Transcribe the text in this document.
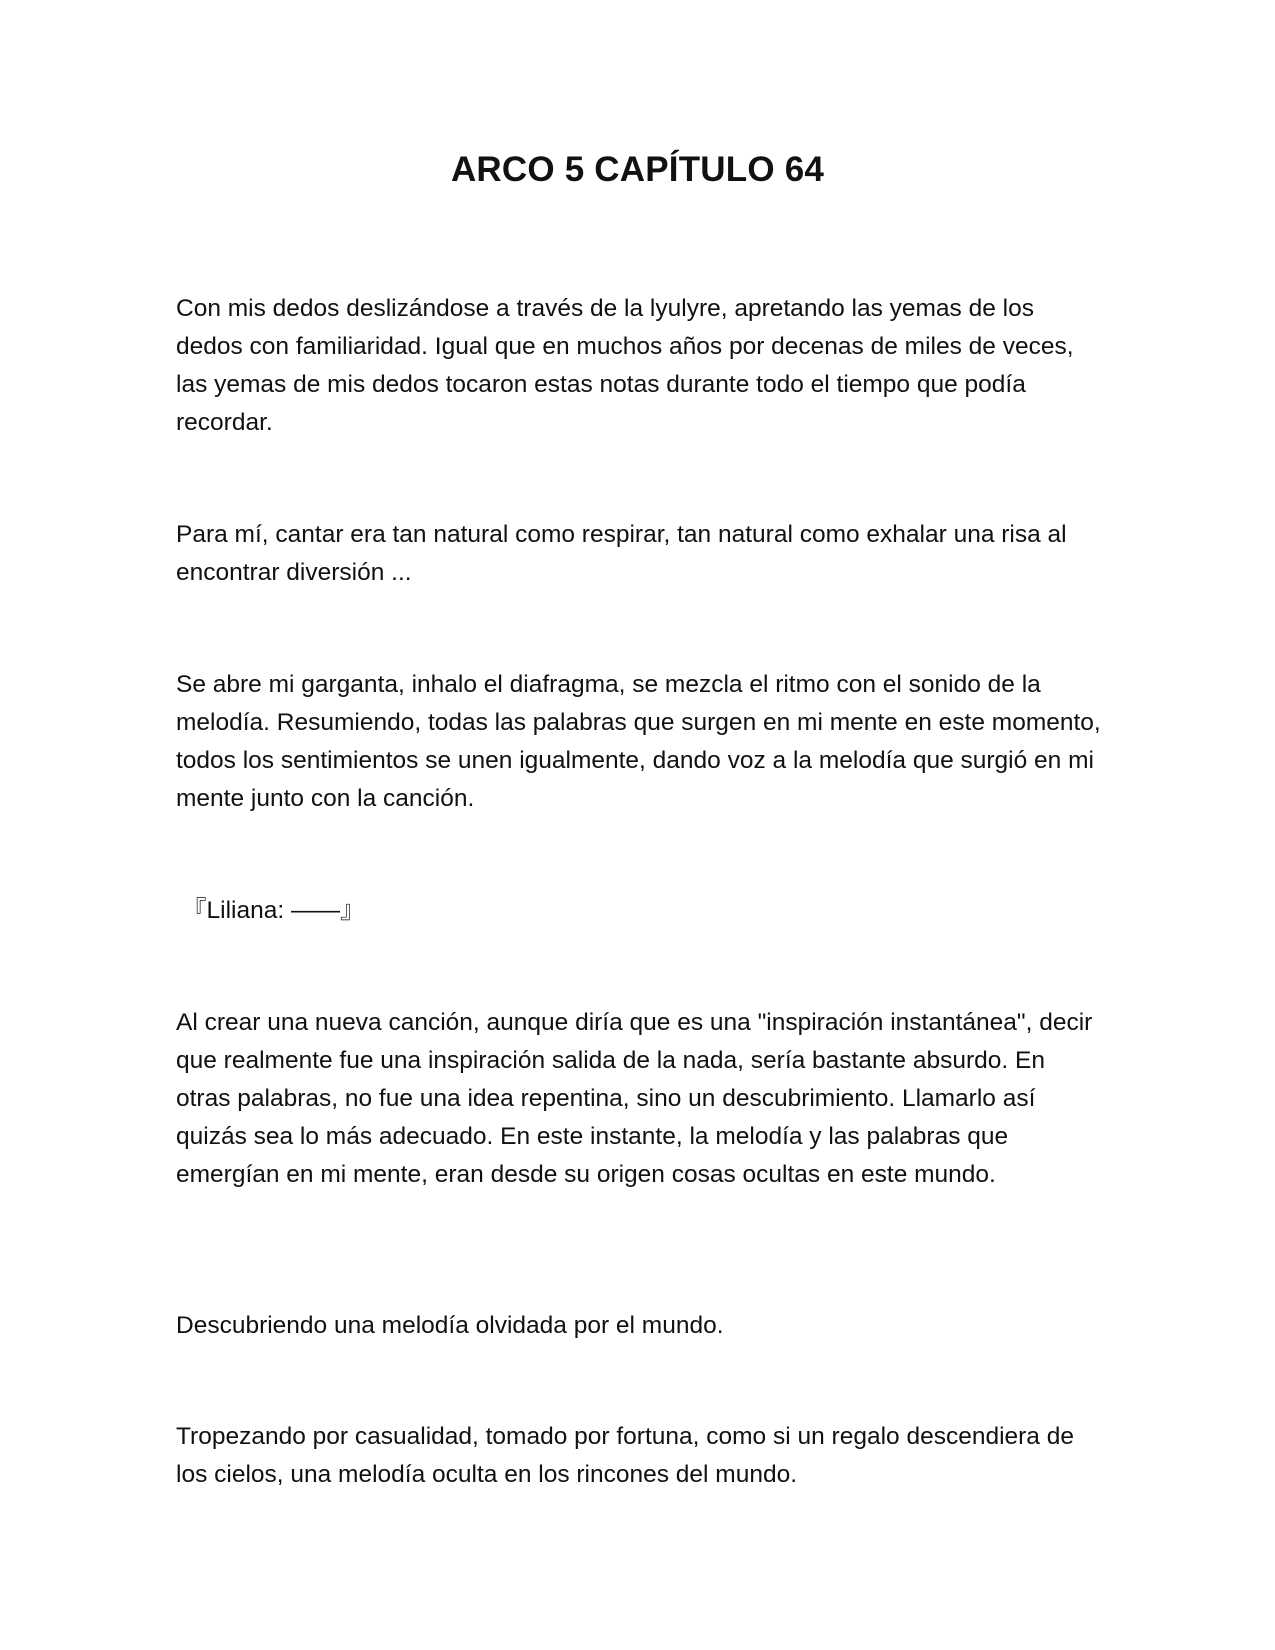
ARCO 5 CAPÍTULO 64

Con mis dedos deslizándose a través de la lyulyre, apretando las yemas de los dedos con familiaridad. Igual que en muchos años por decenas de miles de veces, las yemas de mis dedos tocaron estas notas durante todo el tiempo que podía recordar.

Para mí, cantar era tan natural como respirar, tan natural como exhalar una risa al encontrar diversión ...

Se abre mi garganta, inhalo el diafragma, se mezcla el ritmo con el sonido de la melodía. Resumiendo, todas las palabras que surgen en mi mente en este momento, todos los sentimientos se unen igualmente, dando voz a la melodía que surgió en mi mente junto con la canción.

『Liliana: ——』

Al crear una nueva canción, aunque diría que es una "inspiración instantánea", decir que realmente fue una inspiración salida de la nada, sería bastante absurdo. En otras palabras, no fue una idea repentina, sino un descubrimiento. Llamarlo así quizás sea lo más adecuado. En este instante, la melodía y las palabras que emergían en mi mente, eran desde su origen cosas ocultas en este mundo.

Descubriendo una melodía olvidada por el mundo.

Tropezando por casualidad, tomado por fortuna, como si un regalo descendiera de los cielos, una melodía oculta en los rincones del mundo.
